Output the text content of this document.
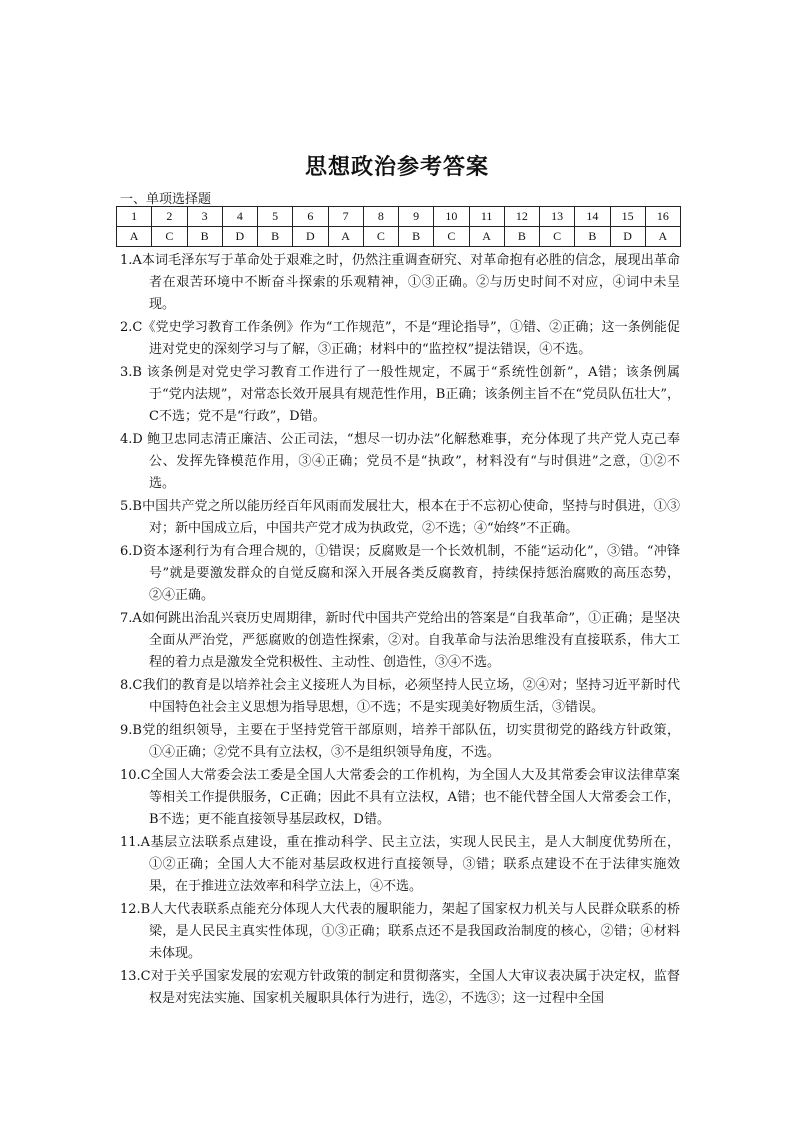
思想政治参考答案
一、单项选择题
1	2	3	4	5	6	7	8	9	10	11	12	13	14	15	16
A	C	B	D	B	D	A	C	B	C	A	B	C	B	D	A
1.A本词毛泽东写于革命处于艰难之时，仍然注重调查研究、对革命抱有必胜的信念，展现出革命者在艰苦环境中不断奋斗探索的乐观精神，①③正确。②与历史时间不对应，④词中未呈现。
2.C《党史学习教育工作条例》作为“工作规范”，不是“理论指导”，①错、②正确；这一条例能促进对党史的深刻学习与了解，③正确；材料中的“监控权”提法错误，④不选。
3.B 该条例是对党史学习教育工作进行了一般性规定，不属于“系统性创新”，A错；该条例属于“党内法规”，对常态长效开展具有规范性作用，B正确；该条例主旨不在“党员队伍壮大”，C不选；党不是“行政”，D错。
4.D 鲍卫忠同志清正廉洁、公正司法，“想尽一切办法”化解愁难事，充分体现了共产党人克己奉公、发挥先锋模范作用，③④正确；党员不是“执政”，材料没有“与时俱进”之意，①②不选。
5.B中国共产党之所以能历经百年风雨而发展壮大，根本在于不忘初心使命，坚持与时俱进，①③对；新中国成立后，中国共产党才成为执政党，②不选；④“始终”不正确。
6.D资本逐利行为有合理合规的，①错误；反腐败是一个长效机制，不能“运动化”，③错。“冲锋号”就是要激发群众的自觉反腐和深入开展各类反腐教育，持续保持惩治腐败的高压态势，②④正确。
7.A如何跳出治乱兴衰历史周期律，新时代中国共产党给出的答案是“自我革命”，①正确；是坚决全面从严治党，严惩腐败的创造性探索，②对。自我革命与法治思维没有直接联系，伟大工程的着力点是激发全党积极性、主动性、创造性，③④不选。
8.C我们的教育是以培养社会主义接班人为目标，必须坚持人民立场，②④对；坚持习近平新时代中国特色社会主义思想为指导思想，①不选；不是实现美好物质生活，③错误。
9.B党的组织领导，主要在于坚持党管干部原则，培养干部队伍，切实贯彻党的路线方针政策，①④正确；②党不具有立法权，③不是组织领导角度，不选。
10.C全国人大常委会法工委是全国人大常委会的工作机构，为全国人大及其常委会审议法律草案等相关工作提供服务，C正确；因此不具有立法权，A错；也不能代替全国人大常委会工作，B不选；更不能直接领导基层政权，D错。
11.A基层立法联系点建设，重在推动科学、民主立法，实现人民民主，是人大制度优势所在，①②正确；全国人大不能对基层政权进行直接领导，③错；联系点建设不在于法律实施效果，在于推进立法效率和科学立法上，④不选。
12.B人大代表联系点能充分体现人大代表的履职能力，架起了国家权力机关与人民群众联系的桥梁，是人民民主真实性体现，①③正确；联系点还不是我国政治制度的核心，②错；④材料未体现。
13.C对于关乎国家发展的宏观方针政策的制定和贯彻落实，全国人大审议表决属于决定权，监督权是对宪法实施、国家机关履职具体行为进行，选②，不选③；这一过程中全国
